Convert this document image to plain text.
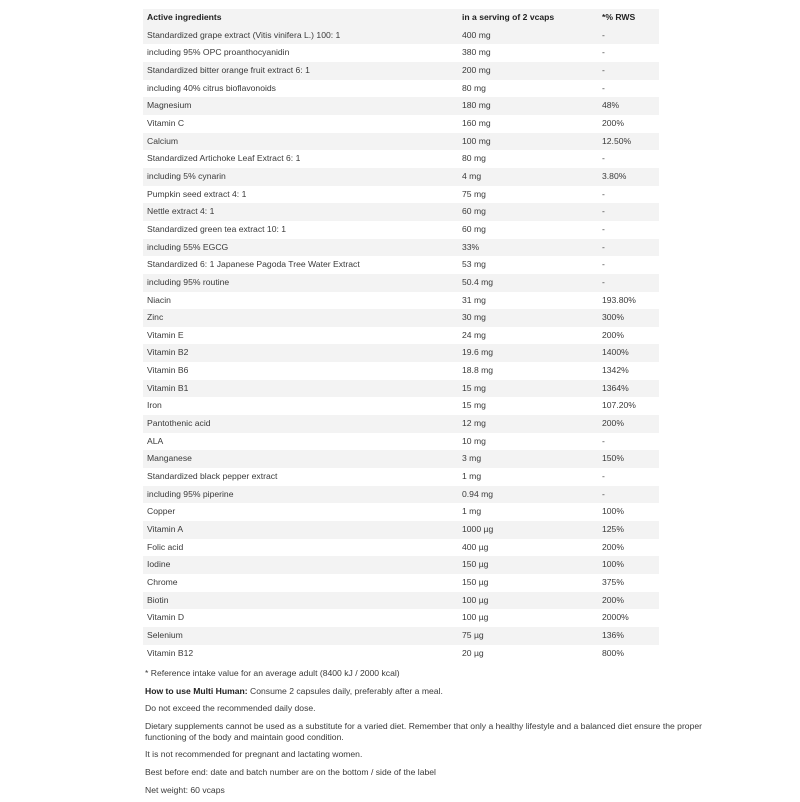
Active ingredients	in a serving of 2 vcaps	*% RWS
Standardized grape extract (Vitis vinifera L.) 100: 1	400 mg	-
including 95% OPC proanthocyanidin	380 mg	-
Standardized bitter orange fruit extract 6: 1	200 mg	-
including 40% citrus bioflavonoids	80 mg	-
Magnesium	180 mg	48%
Vitamin C	160 mg	200%
Calcium	100 mg	12.50%
Standardized Artichoke Leaf Extract 6: 1	80 mg	-
including 5% cynarin	4 mg	3.80%
Pumpkin seed extract 4: 1	75 mg	-
Nettle extract 4: 1	60 mg	-
Standardized green tea extract 10: 1	60 mg	-
including 55% EGCG	33%	-
Standardized 6: 1 Japanese Pagoda Tree Water Extract	53 mg	-
including 95% routine	50.4 mg	-
Niacin	31 mg	193.80%
Zinc	30 mg	300%
Vitamin E	24 mg	200%
Vitamin B2	19.6 mg	1400%
Vitamin B6	18.8 mg	1342%
Vitamin B1	15 mg	1364%
Iron	15 mg	107.20%
Pantothenic acid	12 mg	200%
ALA	10 mg	-
Manganese	3 mg	150%
Standardized black pepper extract	1 mg	-
including 95% piperine	0.94 mg	-
Copper	1 mg	100%
Vitamin A	1000 µg	125%
Folic acid	400 µg	200%
Iodine	150 µg	100%
Chrome	150 µg	375%
Biotin	100 µg	200%
Vitamin D	100 µg	2000%
Selenium	75 µg	136%
Vitamin B12	20 µg	800%

* Reference intake value for an average adult (8400 kJ / 2000 kcal)

How to use Multi Human: Consume 2 capsules daily, preferably after a meal.

Do not exceed the recommended daily dose.

Dietary supplements cannot be used as a substitute for a varied diet. Remember that only a healthy lifestyle and a balanced diet ensure the proper functioning of the body and maintain good condition.

It is not recommended for pregnant and lactating women.

Best before end: date and batch number are on the bottom / side of the label

Net weight: 60 vcaps
